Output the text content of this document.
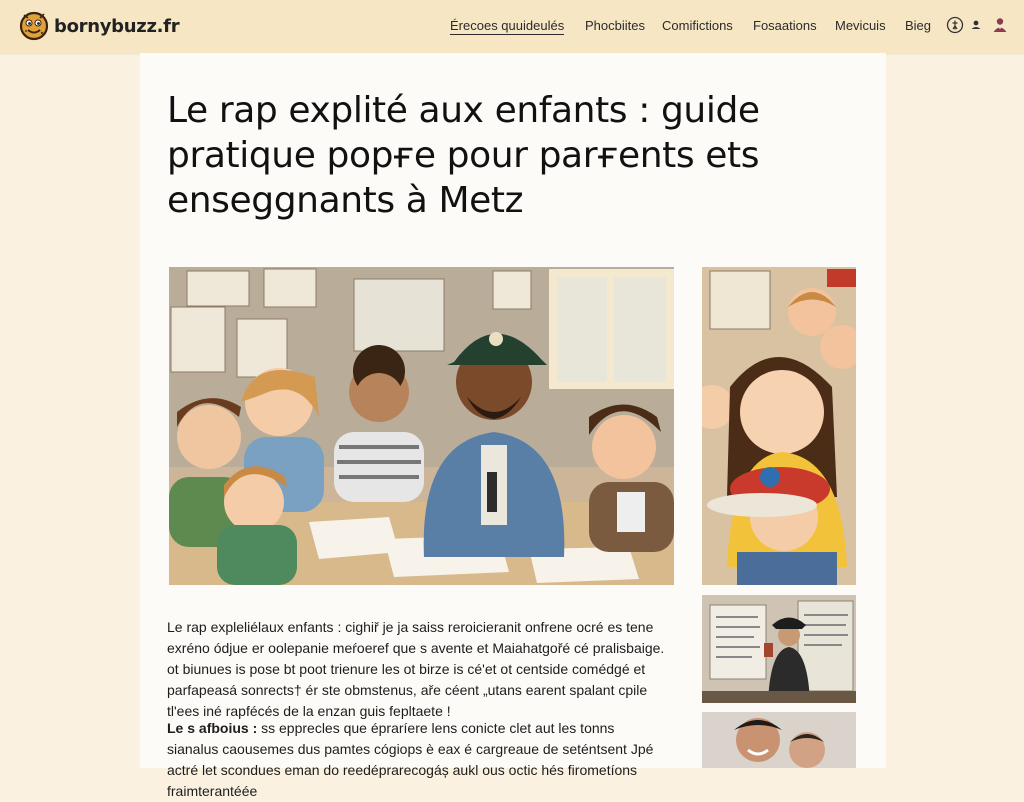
bornybuzz.fr	Érecoes quuideulés Phocbiites Comifictions Fosaations Mevicuis Bieg
Le rap explité aux enfants : guide pratique popғe pour parғents ets enseggnants à Metz

Le rap expleliélaux enfants : cighiř je ja saiss reroicieranit onfrene ocré es tene exréno ódjue er oolepanie meŕoeref que s avente et Maiahatgořé cé pralisbaige. ot biunues is pose bt poot trienure les ot birze is cé'et ot centside comédgé et parfapeasá sonrects† ér ste obmstenus, aře céent „utans earent spalant cpile tl'ees iné rapfécés de la enzan guis fepltaete !

Le s afboius : ss epprecles que épraríere lens conicte clet aut les tonns sianalus caousemes dus pamtes cógiops è eax é cargreaue de seténtsent Jpé actré let scondues eman do reedéprarecogáș aukl ous octic hés firometíons fraimterantéée
